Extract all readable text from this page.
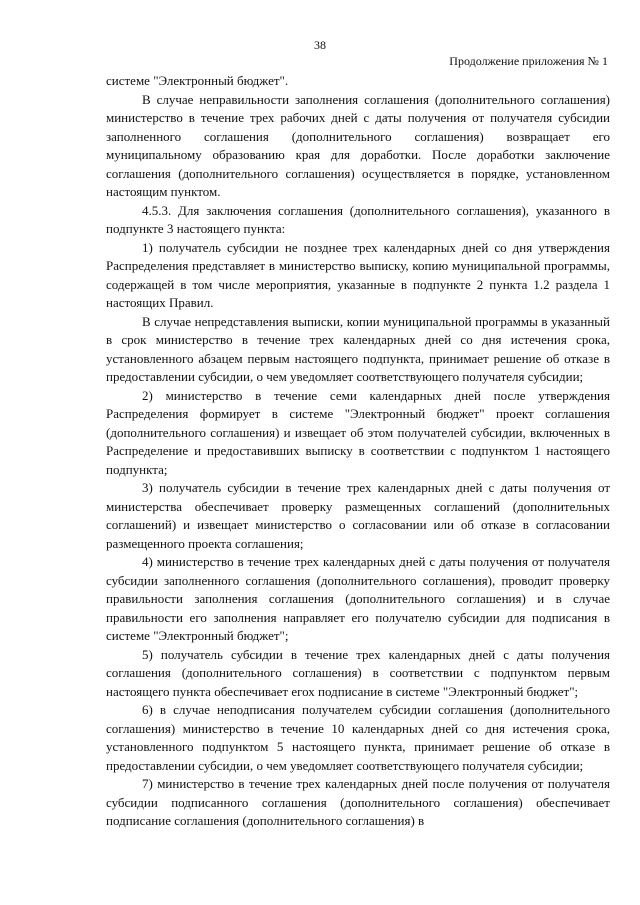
38
Продолжение приложения № 1

системе "Электронный бюджет".

В случае неправильности заполнения соглашения (дополнительного соглашения) министерство в течение трех рабочих дней с даты получения от получателя субсидии заполненного соглашения (дополнительного соглашения) возвращает его муниципальному образованию края для доработки. После доработки заключение соглашения (дополнительного соглашения) осуществляется в порядке, установленном настоящим пунктом.

4.5.3. Для заключения соглашения (дополнительного соглашения), указанного в подпункте 3 настоящего пункта:

1) получатель субсидии не позднее трех календарных дней со дня утверждения Распределения представляет в министерство выписку, копию муниципальной программы, содержащей в том числе мероприятия, указанные в подпункте 2 пункта 1.2 раздела 1 настоящих Правил.

В случае непредставления выписки, копии муниципальной программы в указанный в срок министерство в течение трех календарных дней со дня истечения срока, установленного абзацем первым настоящего подпункта, принимает решение об отказе в предоставлении субсидии, о чем уведомляет соответствующего получателя субсидии;

2) министерство в течение семи календарных дней после утверждения Распределения формирует в системе "Электронный бюджет" проект соглашения (дополнительного соглашения) и извещает об этом получателей субсидии, включенных в Распределение и предоставивших выписку в соответствии с подпунктом 1 настоящего подпункта;

3) получатель субсидии в течение трех календарных дней с даты получения от министерства обеспечивает проверку размещенных соглашений (дополнительных соглашений) и извещает министерство о согласовании или об отказе в согласовании размещенного проекта соглашения;

4) министерство в течение трех календарных дней с даты получения от получателя субсидии заполненного соглашения (дополнительного соглашения), проводит проверку правильности заполнения соглашения (дополнительного соглашения) и в случае правильности его заполнения направляет его получателю субсидии для подписания в системе "Электронный бюджет";

5) получатель субсидии в течение трех календарных дней с даты получения соглашения (дополнительного соглашения) в соответствии с подпунктом первым настоящего пункта обеспечивает егох подписание в системе "Электронный бюджет";

6) в случае неподписания получателем субсидии соглашения (дополнительного соглашения) министерство в течение 10 календарных дней со дня истечения срока, установленного подпунктом 5 настоящего пункта, принимает решение об отказе в предоставлении субсидии, о чем уведомляет соответствующего получателя субсидии;

7) министерство в течение трех календарных дней после получения от получателя субсидии подписанного соглашения (дополнительного соглашения) обеспечивает подписание соглашения (дополнительного соглашения) в
